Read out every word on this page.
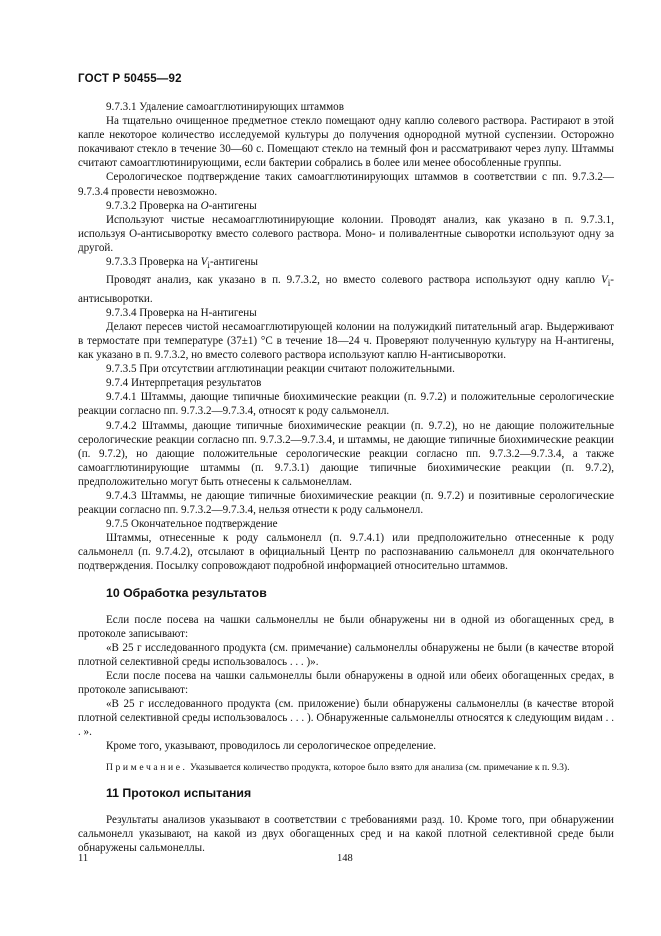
ГОСТ Р 50455—92

9.7.3.1 Удаление самоагглютинирующих штаммов

На тщательно очищенное предметное стекло помещают одну каплю солевого раствора. Растирают в этой капле некоторое количество исследуемой культуры до получения однородной мутной суспензии. Осторожно покачивают стекло в течение 30—60 с. Помещают стекло на темный фон и рассматривают через лупу. Штаммы считают самоагглютинирующими, если бактерии собрались в более или менее обособленные группы.

Серологическое подтверждение таких самоагглютинирующих штаммов в соответствии с пп. 9.7.3.2—9.7.3.4 провести невозможно.

9.7.3.2 Проверка на O-антигены

Используют чистые несамоагглютинирующие колонии. Проводят анализ, как указано в п. 9.7.3.1, используя О-антисыворотку вместо солевого раствора. Моно- и поливалентные сыворотки используют одну за другой.

9.7.3.3 Проверка на $V_i$-антигены

Проводят анализ, как указано в п. 9.7.3.2, но вместо солевого раствора используют одну каплю $V_i$-антисыворотки.

9.7.3.4 Проверка на Н-антигены

Делают пересев чистой несамоагглютирующей колонии на полужидкий питательный агар. Выдерживают в термостате при температуре (37±1) °С в течение 18—24 ч. Проверяют полученную культуру на Н-антигены, как указано в п. 9.7.3.2, но вместо солевого раствора используют каплю Н-антисыворотки.

9.7.3.5 При отсутствии агглютинации реакции считают положительными.

9.7.4 Интерпретация результатов

9.7.4.1 Штаммы, дающие типичные биохимические реакции (п. 9.7.2) и положительные серологические реакции согласно пп. 9.7.3.2—9.7.3.4, относят к роду сальмонелл.

9.7.4.2 Штаммы, дающие типичные биохимические реакции (п. 9.7.2), но не дающие положительные серологические реакции согласно пп. 9.7.3.2—9.7.3.4, и штаммы, не дающие типичные биохимические реакции (п. 9.7.2), но дающие положительные серологические реакции согласно пп. 9.7.3.2—9.7.3.4, а также самоагглютинирующие штаммы (п. 9.7.3.1) дающие типичные биохимические реакции (п. 9.7.2), предположительно могут быть отнесены к сальмонеллам.

9.7.4.3 Штаммы, не дающие типичные биохимические реакции (п. 9.7.2) и позитивные серологические реакции согласно пп. 9.7.3.2—9.7.3.4, нельзя отнести к роду сальмонелл.

9.7.5 Окончательное подтверждение

Штаммы, отнесенные к роду сальмонелл (п. 9.7.4.1) или предположительно отнесенные к роду сальмонелл (п. 9.7.4.2), отсылают в официальный Центр по распознаванию сальмонелл для окончательного подтверждения. Посылку сопровождают подробной информацией относительно штаммов.

10 Обработка результатов

Если после посева на чашки сальмонеллы не были обнаружены ни в одной из обогащенных сред, в протоколе записывают:

«В 25 г исследованного продукта (см. примечание) сальмонеллы обнаружены не были (в качестве второй плотной селективной среды использовалось . . . )».

Если после посева на чашки сальмонеллы были обнаружены в одной или обеих обогащенных средах, в протоколе записывают:

«В 25 г исследованного продукта (см. приложение) были обнаружены сальмонеллы (в качестве второй плотной селективной среды использовалось . . . ). Обнаруженные сальмонеллы относятся к следующим видам . . . ».

Кроме того, указывают, проводилось ли серологическое определение.

Примечание. Указывается количество продукта, которое было взято для анализа (см. примечание к п. 9.3).

11 Протокол испытания

Результаты анализов указывают в соответствии с требованиями разд. 10. Кроме того, при обнаружении сальмонелл указывают, на какой из двух обогащенных сред и на какой плотной селективной среде были обнаружены сальмонеллы.

11	148
